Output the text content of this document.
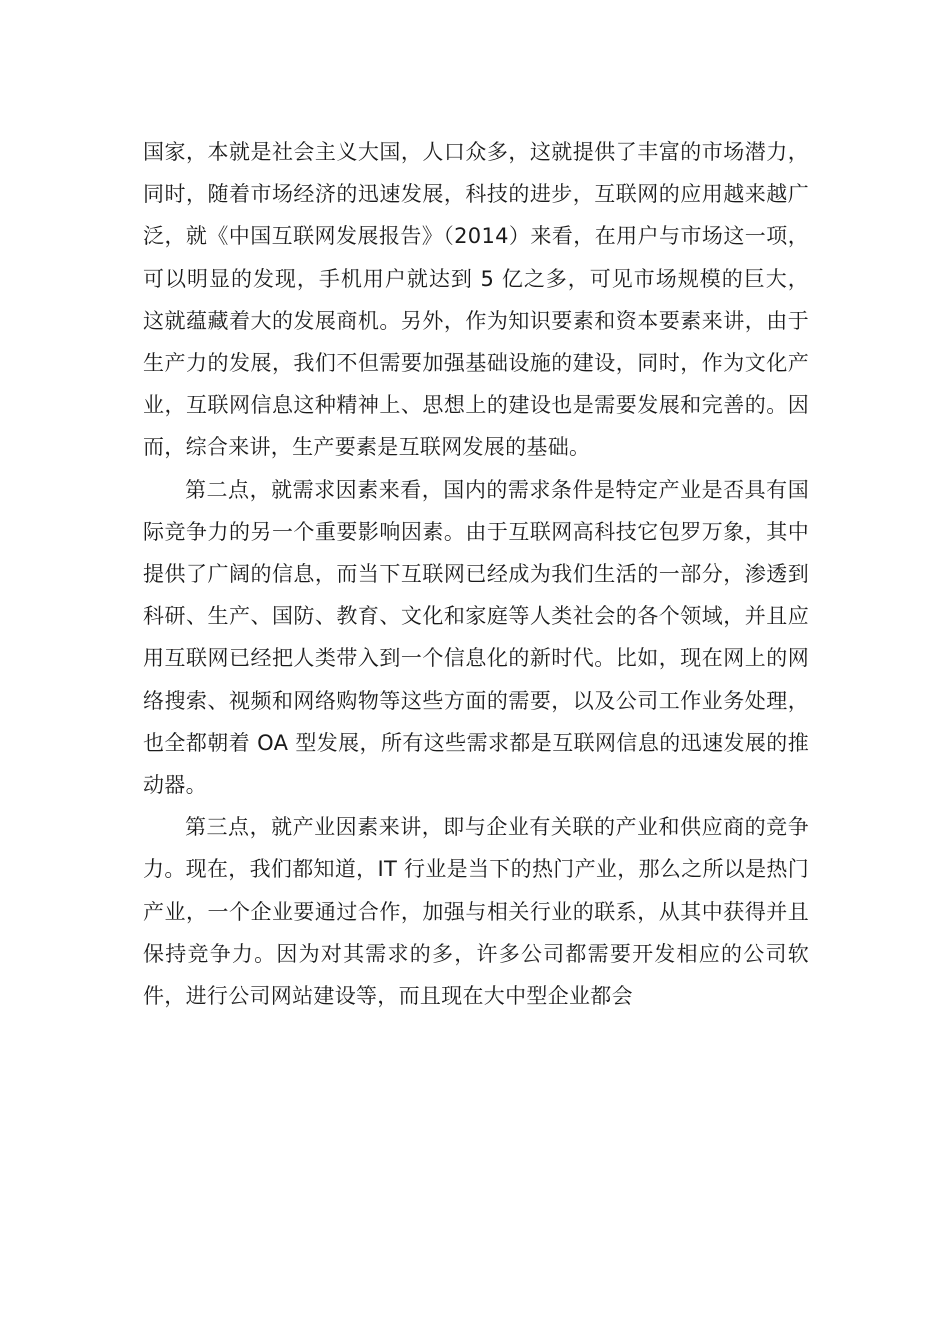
国家，本就是社会主义大国，人口众多，这就提供了丰富的市场潜力，同时，随着市场经济的迅速发展，科技的进步，互联网的应用越来越广泛，就《中国互联网发展报告》（2014）来看，在用户与市场这一项，可以明显的发现，手机用户就达到 5 亿之多，可见市场规模的巨大，这就蕴藏着大的发展商机。另外，作为知识要素和资本要素来讲，由于生产力的发展，我们不但需要加强基础设施的建设，同时，作为文化产业，互联网信息这种精神上、思想上的建设也是需要发展和完善的。因而，综合来讲，生产要素是互联网发展的基础。

第二点，就需求因素来看，国内的需求条件是特定产业是否具有国际竞争力的另一个重要影响因素。由于互联网高科技它包罗万象，其中提供了广阔的信息，而当下互联网已经成为我们生活的一部分，渗透到科研、生产、国防、教育、文化和家庭等人类社会的各个领域，并且应用互联网已经把人类带入到一个信息化的新时代。比如，现在网上的网络搜索、视频和网络购物等这些方面的需要，以及公司工作业务处理，也全都朝着 OA 型发展，所有这些需求都是互联网信息的迅速发展的推动器。

第三点，就产业因素来讲，即与企业有关联的产业和供应商的竞争力。现在，我们都知道，IT 行业是当下的热门产业，那么之所以是热门产业，一个企业要通过合作，加强与相关行业的联系，从其中获得并且保持竞争力。因为对其需求的多，许多公司都需要开发相应的公司软件，进行公司网站建设等，而且现在大中型企业都会
